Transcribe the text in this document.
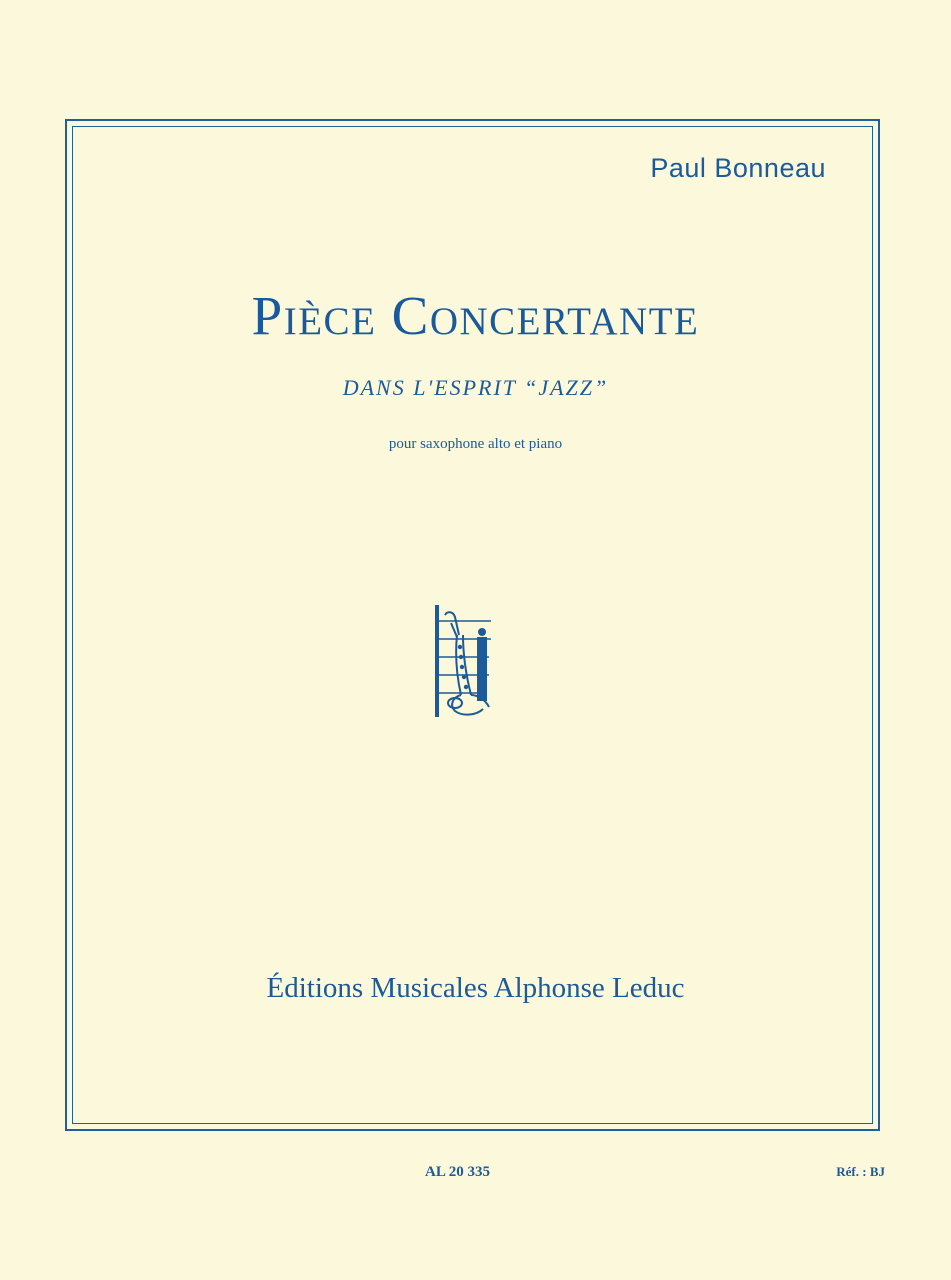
Paul Bonneau
Pièce Concertante
DANS L'ESPRIT “JAZZ”
pour saxophone alto et piano
Éditions Musicales Alphonse Leduc
AL 20 335	Réf. : BJ
